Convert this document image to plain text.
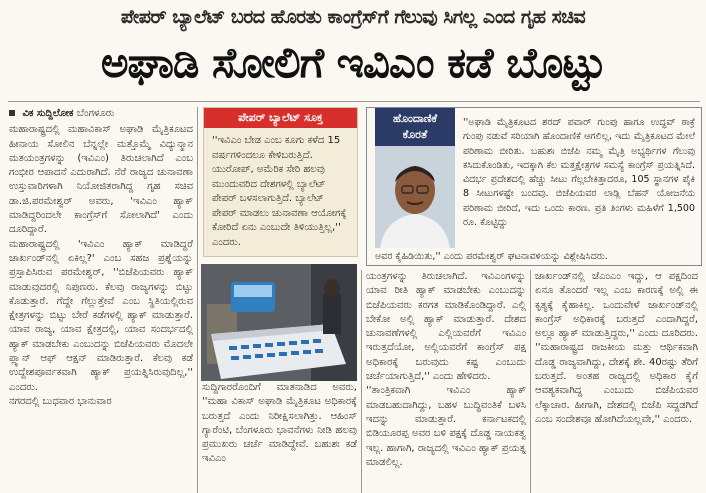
ಪೇಪರ್ ಬ್ಯಾಲೆಟ್ ಬರದ ಹೊರತು ಕಾಂಗ್ರೆಸ್‌ಗೆ ಗೆಲುವು ಸಿಗಲ್ಲ ಎಂದ ಗೃಹ ಸಚಿವ
ಅಘಾಡಿ ಸೋಲಿಗೆ ಇವಿಎಂ ಕಡೆ ಬೊಟ್ಟು
ವಿಕ ಸುದ್ದಿಲೋಕ ಬೆಂಗಳೂರು

ಮಹಾರಾಷ್ಟ್ರದಲ್ಲಿ ಮಹಾವಿಕಾಸ್‌ ಅಘಾಡಿ ಮೈತ್ರಿಕೂಟದ ಹೀನಾಯ ಸೋಲಿನ ಬೆನ್ನಲ್ಲೇ ಮತ್ತೊಮ್ಮೆ ವಿದ್ಯುನ್ಮಾನ ಮತಯಂತ್ರಗಳನ್ನು (ಇವಿಎಂ) ತಿರುಚಲಾಗಿದೆ ಎಂಬ ಗಂಭೀರ ಆಪಾದನೆ ಎದುರಾಗಿದೆ. ನೆರೆ ರಾಜ್ಯದ ಚುನಾವಣಾ ಉಸ್ತುವಾರಿಗಳಾಗಿ ನಿಯೋಜಿತರಾಗಿದ್ದ ಗೃಹ ಸಚಿವ ಡಾ.ಜಿ.ಪರಮೇಶ್ವರ್ ಅವರು, 'ಇವಿಎಂ ಹ್ಯಾಕ್ ಮಾಡಿದ್ದರಿಂದಲೇ ಕಾಂಗ್ರೆಸ್‌ಗೆ ಸೋಲಾಗಿದೆ' ಎಂದು ದೂರಿದ್ದಾರೆ.

ಮಹಾರಾಷ್ಟ್ರದಲ್ಲಿ 'ಇವಿಎಂ ಹ್ಯಾಕ್ ಮಾಡಿದ್ದರೆ ಜಾರ್ಖಂಡ್‌ನಲ್ಲಿ ಏಕಿಲ್ಲ?' ಎಂಬ ಸಹಜ ಪ್ರಶ್ನೆಯನ್ನು ಪ್ರಸ್ತಾಪಿಸಿರುವ ಪರಮೇಶ್ವರ್, ''ಬಿಜೆಪಿಯವರು ಹ್ಯಾಕ್ ಮಾಡುವುದರಲ್ಲಿ ನಿಪುಣರು. ಕೆಲವು ರಾಜ್ಯಗಳನ್ನು ಬಿಟ್ಟು ಕೊಡುತ್ತಾರೆ. ಗೆದ್ದೇ ಗೆಲ್ಲುತ್ತೇವೆ ಎಂಬ ಸ್ಥಿತಿಯಲ್ಲಿರುವ ಕ್ಷೇತ್ರಗಳನ್ನು ಬಿಟ್ಟು ಬೇರೆ ಕಡೆಗಳಲ್ಲಿ ಹ್ಯಾಕ್ ಮಾಡುತ್ತಾರೆ. ಯಾವ ರಾಜ್ಯ, ಯಾವ ಕ್ಷೇತ್ರದಲ್ಲಿ, ಯಾವ ಸಂದರ್ಭದಲ್ಲಿ ಹ್ಯಾಕ್ ಮಾಡಬೇಕು ಎಂಬುದನ್ನು ಬಿಜೆಪಿಯವರು ಮೊದಲೇ ಪ್ಲ್ಯಾನ್ ಆಫ್ ಆಕ್ಷನ್ ಮಾಡಿರುತ್ತಾರೆ. ಕೆಲವು ಕಡೆ ಉದ್ದೇಶಪೂರ್ವಕವಾಗಿ ಹ್ಯಾಕ್ ಪ್ರಯತ್ನಿಸಿರುವುದಿಲ್ಲ,'' ಎಂದರು.

ನಗರದಲ್ಲಿ ಬುಧವಾರ ಭಾನುವಾರ

ಪೇಪರ್ ಬ್ಯಾಲೆಟ್ ಸೂಕ್ತ
''ಇವಿಎಂ ಬೇಡ ಎಂಬ ಕೂಗು ಕಳೆದ 15 ವರ್ಷಗಳಿಂದಲೂ ಕೇಳಿಬರುತ್ತಿದೆ. ಯುರೋಪ್, ಅಮೆರಿಕ ಸೇರಿ ಹಲವು ಮುಂದುವರಿದ ದೇಶಗಳಲ್ಲಿ ಬ್ಯಾಲೆಟ್ ಪೇಪರ್ ಬಳಸಲಾಗುತ್ತಿದೆ. ಬ್ಯಾಲೆಟ್ ಪೇಪರ್ ಮಾಡಲು ಚುನಾವಣಾ ಆಯೋಗಕ್ಕೆ ಕೋರಿದೆ ಏನು ಎಂಬುದೇ ತಿಳಿಯುತ್ತಿಲ್ಲ,'' ಎಂದರು.

ಸುದ್ದಿಗಾರರೊಂದಿಗೆ ಮಾತನಾಡಿದ ಅವರು, ''ಮಹಾ ವಿಕಾಸ್ ಅಘಾಡಿ ಮೈತ್ರಿಕೂಟ ಅಧಿಕಾರಕ್ಕೆ ಬರುತ್ತದೆ ಎಂದು ನಿರೀಕ್ಷಿಸಲಾಗಿತ್ತು. ಆಹಿಂಸ್ ಗ್ಯಾರೆಂಟಿ, ಬೆಂಗಳೂರು ಭಾವನೆಗಳು ನೀಡಿ ಹಲವು ಪ್ರಮುಖರು ಚರ್ಚೆ ಮಾಡಿದ್ದೇವೆ. ಬಹುಶಃ ಕಡೆ ಇವಿಎಂ

ಹೊಂದಾಣಿಕೆ
ಕೊರತೆ
''ಅಘಾಡಿ ಮೈತ್ರಿಕೂಟದ ಶರದ್ ಪವಾರ್ ಗುಂಪು ಹಾಗೂ ಉದ್ಧವ್ ಠಾಕ್ರೆ ಗುಂಪು ನಡುವೆ ಸರಿಯಾಗಿ ಹೊಂದಾಣಿಕೆ ಆಗಲಿಲ್ಲ, ಇದು ಮೈತ್ರಿಕೂಟದ ಮೇಲೆ ಪರಿಣಾಮ ಬೀರಿತು. ಬಹುಶಃ ಬಿಜೆಪಿ ನಮ್ಮ ಮೈತ್ರಿ ಅಭ್ಯರ್ಥಿಗಳ ಗೆಲುವು ಕಸಿದುಕೊಂಡಿತು, ಇದಕ್ಕಾಗಿ ಕೆಲ ಮತ್ತಕ್ಷೇತ್ರಗಳ ಸಮಸ್ಯೆ ಕಾಂಗ್ರೆಸ್ ಪ್ರಯತ್ನಿಸಿದೆ. ವಿದರ್ಭ ಪ್ರದೇಶದಲ್ಲಿ ಹೆಚ್ಚು ಸೀಟು ಗೆಲ್ಲಬೇಕಿತ್ತಾದರೂ, 105 ಸ್ಥಾನಗಳ ಪೈಕಿ 8 ಸೀಟುಗಳಷ್ಟೇ ಬಂದವು. ಬಿಜೆಪಿಯವರ ಲಾಡ್ಲಿ ಬೆಹನ್ ಯೋಜನೆಯ ಪರಿಣಾಮ ಬೀರಿದೆ, ಇದು ಒಂದು ಕಾರಣ. ಪ್ರತಿ ತಿಂಗಳು ಮಹಿಳೆಗೆ 1,500 ರೂ. ಕೊಟ್ಟಿದ್ದು
ಅವರ ಕೈಹಿಡಿಯಿತು,'' ಎಂದು ಪರಮೇಶ್ವರ್ ಘಟನಾವಳಿಯನ್ನು ವಿಶ್ಲೇಷಿಸಿದರು.

ಯಂತ್ರಗಳನ್ನು ತಿರುಚಲಾಗಿದೆ. ಇವಿಎಂಗಳನ್ನು ಯಾವ ರೀತಿ ಹ್ಯಾಕ್ ಮಾಡಬೇಕು ಎಂಬುದನ್ನು ಬಿಜೆಪಿಯವರು ಕರಗತ ಮಾಡಿಕೊಂಡಿದ್ದಾರೆ. ಎಲ್ಲಿ ಬೇಕೋ ಅಲ್ಲಿ ಹ್ಯಾಕ್ ಮಾಡುತ್ತಾರೆ. ದೇಶದ ಚುನಾವಣೆಗಳಲ್ಲಿ ಎಲ್ಲಿಯವರೆಗೆ ಇವಿಎಂ ಇರುತ್ತದೆಯೋ, ಅಲ್ಲಿಯವರೆಗೆ ಕಾಂಗ್ರೆಸ್ ಪಕ್ಷ ಅಧಿಕಾರಕ್ಕೆ ಬರುವುದು ಕಷ್ಟ ಎಂಬುದು ಚರ್ಚೆಯಾಗುತ್ತಿದೆ,'' ಎಂದು ಹೇಳಿದರು.

''ತಾಂತ್ರಿಕವಾಗಿ ಇವಿಎಂ ಹ್ಯಾಕ್ ಮಾಡಬಹುದಾಗಿದ್ದು, ಬಹಳ ಬುದ್ಧಿವಂತಿಕೆ ಬಳಸಿ ಇದನ್ನು ಮಾಡುತ್ತಾರೆ. ಕರ್ನಾಟಕದಲ್ಲಿ ಬಿಡಿಯೂರಪ್ಪ ಅವರ ಬಳಿ ಪಕ್ಷಕ್ಕೆ ದೊಡ್ಡ ನಾಯಕತ್ವ ಇಲ್ಲ. ಹಾಗಾಗಿ, ರಾಜ್ಯದಲ್ಲಿ ಇವಿಎಂ ಹ್ಯಾಕ್ ಪ್ರಯತ್ನ ಮಾಡಲಿಲ್ಲ.

ಜಾರ್ಖಂಡ್‌ನಲ್ಲಿ ಜೆಎಂಎಂ ಇದ್ದು, ಆ ಪಕ್ಷದಿಂದ ಏನೂ ತೊಂದರೆ ಇಲ್ಲ ಎಂಬ ಕಾರಣಕ್ಕೆ ಅಲ್ಲಿ ಈ ಕೃತ್ಯಕ್ಕೆ ಕೈಹಾಕಿಲ್ಲ. ಒಂದುವೇಳೆ ಜಾರ್ಖಂಡ್‌ನಲ್ಲಿ ಕಾಂಗ್ರೆಸ್ ಅಧಿಕಾರಕ್ಕೆ ಬರುತ್ತದೆ ಎಂದಾಗಿದ್ದರೆ, ಅಲ್ಲೂ ಹ್ಯಾಕ್ ಮಾಡುತ್ತಿದ್ದರು,'' ಎಂದು ದೂರಿದರು.

''ಮಹಾರಾಷ್ಟ್ರದ ರಾಜಕೀಯ ಮತ್ತು ಆರ್ಥಿಕವಾಗಿ ದೊಡ್ಡ ರಾಜ್ಯವಾಗಿದ್ದು, ದೇಶಕ್ಕೆ ಶೇ. 40ರಷ್ಟು ತೆರಿಗೆ ಬರುತ್ತದೆ. ಅಂತಹ ರಾಜ್ಯದಲ್ಲಿ ಅಧಿಕಾರ ಕೈಗೆ ಆವಶ್ಯಕವಾಗಿದ್ದ ಎಂಬುದು ಬಿಜೆಪಿಯವರ ಲೆಕ್ಕಾಚಾರ. ಹೀಗಾಗಿ, ದೇಶದಲ್ಲಿ ಬಿಜೆಪಿ ಸದ್ದಡಗಿದೆ ಎಂಬ ಸಂದೇಶವೂ ಹೋಗಿದೆಯಲ್ಲವೇ,'' ಎಂದರು.
